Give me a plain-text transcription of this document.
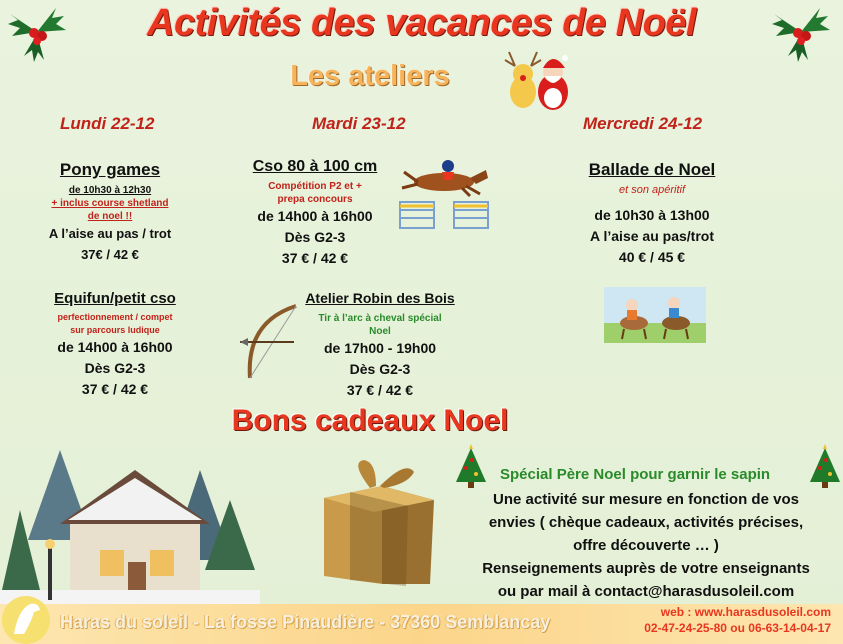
Activités des vacances de Noël
Les ateliers
Lundi 22-12	Mardi 23-12	Mercredi 24-12
Pony games
de 10h30 à 12h30
+ inclus course shetland
de noel !!
A l’aise au pas / trot
37€ / 42 €
Cso 80 à 100 cm
Compétition P2 et +
prepa concours
de 14h00 à 16h00
Dès G2-3
37 € / 42 €
Ballade de Noel
et son apéritif
de 10h30 à 13h00
A l’aise au pas/trot
40 € / 45 €
Equifun/petit cso
perfectionnement / compet
sur parcours ludique
de 14h00 à 16h00
Dès G2-3
37 € / 42 €
Atelier Robin des Bois
Tir à l’arc à cheval spécial
Noel
de 17h00 - 19h00
Dès G2-3
37 € / 42 €
Bons cadeaux Noel
Spécial Père Noel pour garnir le sapin
Une activité sur mesure en fonction de vos
envies ( chèque cadeaux, activités précises,
offre découverte … )
Renseignements auprès de votre enseignants
ou par mail à contact@harasdusoleil.com
Haras du soleil - La fosse Pinaudière - 37360 Semblancay	web : www.harasdusoleil.com
02-47-24-25-80 ou 06-63-14-04-17
